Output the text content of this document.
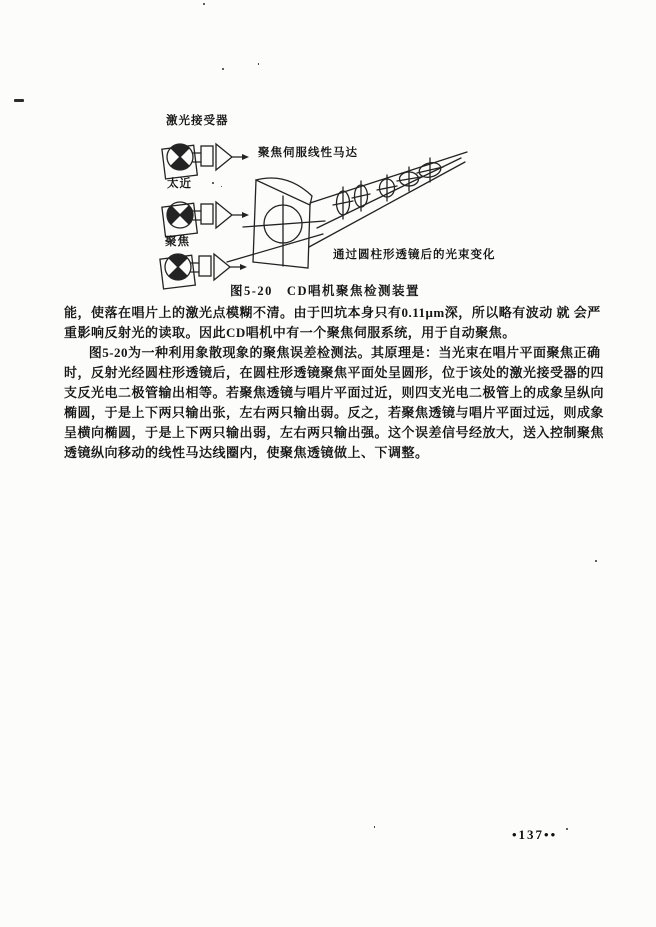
激光接受器
聚焦伺服线性马达
太近
聚焦
通过圆柱形透镜后的光束变化
图5-20　CD唱机聚焦检测装置
能，使落在唱片上的激光点模糊不清。由于凹坑本身只有0.11μm深，所以略有波动 就 会严
重影响反射光的读取。因此CD唱机中有一个聚焦伺服系统，用于自动聚焦。
图5-20为一种利用象散现象的聚焦误差检测法。其原理是：当光束在唱片平面聚焦正确
时，反射光经圆柱形透镜后，在圆柱形透镜聚焦平面处呈圆形，位于该处的激光接受器的四
支反光电二极管输出相等。若聚焦透镜与唱片平面过近，则四支光电二极管上的成象呈纵向
椭圆，于是上下两只输出张，左右两只输出弱。反之，若聚焦透镜与唱片平面过远，则成象
呈横向椭圆，于是上下两只输出弱，左右两只输出强。这个误差信号经放大，送入控制聚焦
透镜纵向移动的线性马达线圈内，使聚焦透镜做上、下调整。
•137••
